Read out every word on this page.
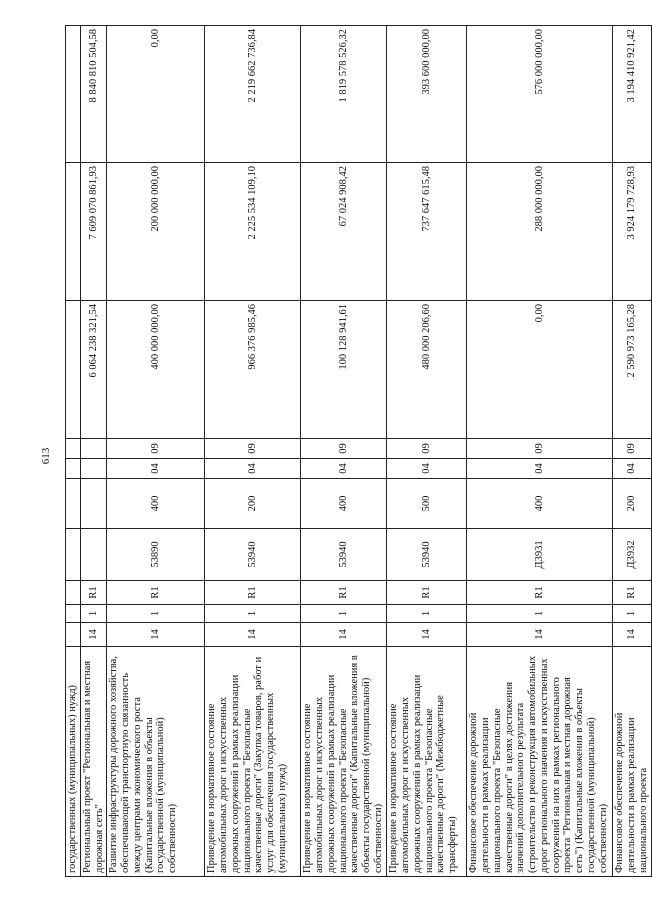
613
государственных (муниципальных) нужд)										
Региональный проект "Региональная и местная дорожная сеть"	14	1	R1					6 064 238 321,54	7 609 070 861,93	8 840 810 504,58
Развитие инфраструктуры дорожного хозяйства, обеспечивающей транспортную связанность между центрами экономического роста (Капитальные вложения в объекты государственной (муниципальной) собственности)	14	1	R1	53890	400	04	09	400 000 000,00	200 000 000,00	0,00
Приведение в нормативное состояние автомобильных дорог и искусственных дорожных сооружений в рамках реализации национального проекта "Безопасные качественные дороги" (Закупка товаров, работ и услуг для обеспечения государственных (муниципальных) нужд)	14	1	R1	53940	200	04	09	966 376 985,46	2 225 534 109,10	2 219 662 736,84
Приведение в нормативное состояние автомобильных дорог и искусственных дорожных сооружений в рамках реализации национального проекта "Безопасные качественные дороги" (Капитальные вложения в объекты государственной (муниципальной) собственности)	14	1	R1	53940	400	04	09	100 128 941,61	67 024 908,42	1 819 578 526,32
Приведение в нормативное состояние автомобильных дорог и искусственных дорожных сооружений в рамках реализации национального проекта "Безопасные качественные дороги" (Межбюджетные трансферты)	14	1	R1	53940	500	04	09	480 000 206,60	737 647 615,48	393 600 000,00
Финансовое обеспечение дорожной деятельности в рамках реализации национального проекта "Безопасные качественные дороги" в целях достижения значений дополнительного результата (строительство и реконструкция автомобильных дорог регионального значения и искусственных сооружений на них в рамках регионального проекта "Региональная и местная дорожная сеть") (Капитальные вложения в объекты государственной (муниципальной) собственности)	14	1	R1	Д3931	400	04	09	0,00	288 000 000,00	576 000 000,00
Финансовое обеспечение дорожной деятельности в рамках реализации национального проекта	14	1	R1	Д3932	200	04	09	2 590 973 165,28	3 924 179 728,93	3 194 410 921,42
